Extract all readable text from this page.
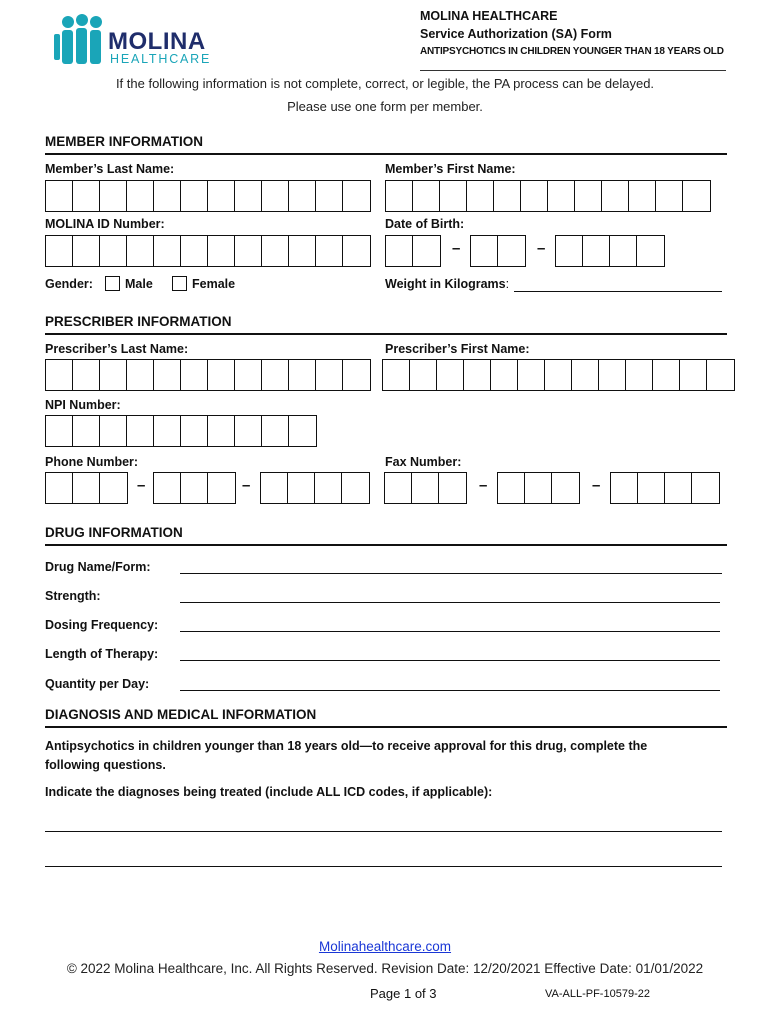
MOLINA
HEALTHCARE
MOLINA HEALTHCARE
Service Authorization (SA) Form
ANTIPSYCHOTICS IN CHILDREN YOUNGER THAN 18 YEARS OLD
If the following information is not complete, correct, or legible, the PA process can be delayed.
Please use one form per member.
MEMBER INFORMATION
Member’s Last Name:	Member’s First Name:
MOLINA ID Number:	Date of Birth:
–	–
Gender:	Male	Female	Weight in Kilograms:
PRESCRIBER INFORMATION
Prescriber’s Last Name:	Prescriber’s First Name:
NPI Number:
Phone Number:	Fax Number:
–	–	–	–
DRUG INFORMATION
Drug Name/Form:
Strength:
Dosing Frequency:
Length of Therapy:
Quantity per Day:
DIAGNOSIS AND MEDICAL INFORMATION
Antipsychotics in children younger than 18 years old—to receive approval for this drug, complete the following questions.
Indicate the diagnoses being treated (include ALL ICD codes, if applicable):
Molinahealthcare.com
© 2022 Molina Healthcare, Inc. All Rights Reserved. Revision Date: 12/20/2021 Effective Date: 01/01/2022
Page 1 of 3	VA-ALL-PF-10579-22
